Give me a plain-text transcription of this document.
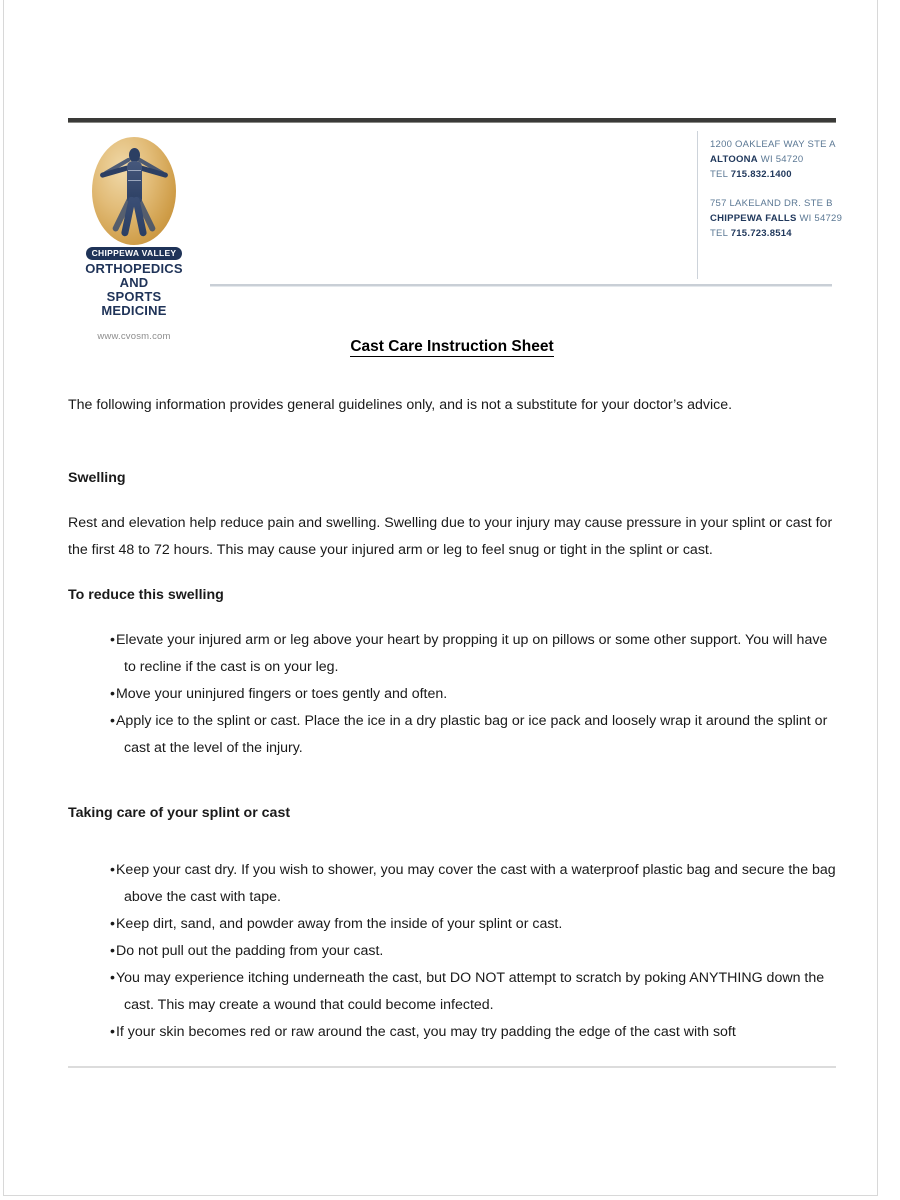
CHIPPEWA VALLEY
ORTHOPEDICS AND
SPORTS MEDICINE
www.cvosm.com
1200 OAKLEAF WAY STE A
ALTOONA WI 54720
TEL 715.832.1400
757 LAKELAND DR. STE B
CHIPPEWA FALLS WI 54729
TEL 715.723.8514
Cast Care Instruction Sheet

The following information provides general guidelines only, and is not a substitute for your doctor’s advice.

Swelling

Rest and elevation help reduce pain and swelling. Swelling due to your injury may cause pressure in your splint or cast for the first 48 to 72 hours. This may cause your injured arm or leg to feel snug or tight in the splint or cast.

To reduce this swelling

• Elevate your injured arm or leg above your heart by propping it up on pillows or some other support. You will have to recline if the cast is on your leg.
• Move your uninjured fingers or toes gently and often.
• Apply ice to the splint or cast. Place the ice in a dry plastic bag or ice pack and loosely wrap it around the splint or cast at the level of the injury.

Taking care of your splint or cast

• Keep your cast dry. If you wish to shower, you may cover the cast with a waterproof plastic bag and secure the bag above the cast with tape.
• Keep dirt, sand, and powder away from the inside of your splint or cast.
• Do not pull out the padding from your cast.
• You may experience itching underneath the cast, but DO NOT attempt to scratch by poking ANYTHING down the cast. This may create a wound that could become infected.
• If your skin becomes red or raw around the cast, you may try padding the edge of the cast with soft
